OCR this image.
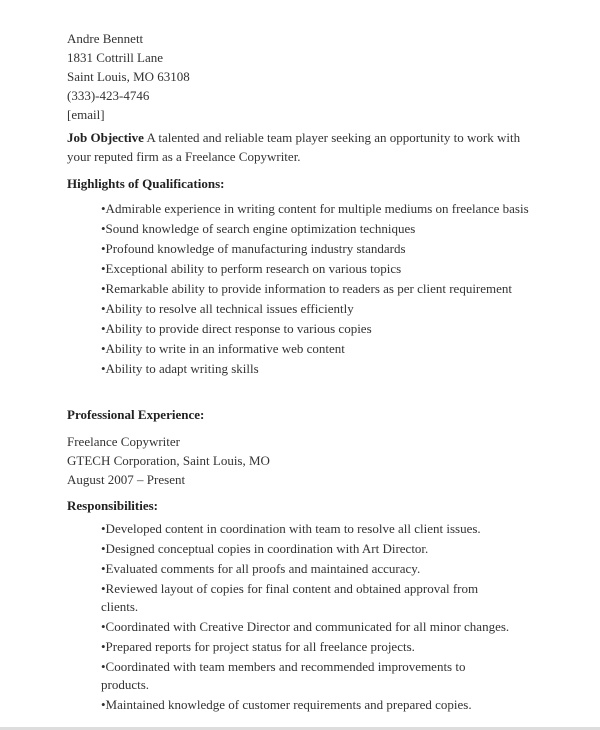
Andre Bennett
1831 Cottrill Lane
Saint Louis, MO 63108
(333)-423-4746
[email]
Job Objective A talented and reliable team player seeking an opportunity to work with your reputed firm as a Freelance Copywriter.
Highlights of Qualifications:
•Admirable experience in writing content for multiple mediums on freelance basis
•Sound knowledge of search engine optimization techniques
•Profound knowledge of manufacturing industry standards
•Exceptional ability to perform research on various topics
•Remarkable ability to provide information to readers as per client requirement
•Ability to resolve all technical issues efficiently
•Ability to provide direct response to various copies
•Ability to write in an informative web content
•Ability to adapt writing skills
Professional Experience:
Freelance Copywriter
GTECH Corporation, Saint Louis, MO
August 2007 – Present
Responsibilities:
•Developed content in coordination with team to resolve all client issues.
•Designed conceptual copies in coordination with Art Director.
•Evaluated comments for all proofs and maintained accuracy.
•Reviewed layout of copies for final content and obtained approval from clients.
•Coordinated with Creative Director and communicated for all minor changes.
•Prepared reports for project status for all freelance projects.
•Coordinated with team members and recommended improvements to products.
•Maintained knowledge of customer requirements and prepared copies.
